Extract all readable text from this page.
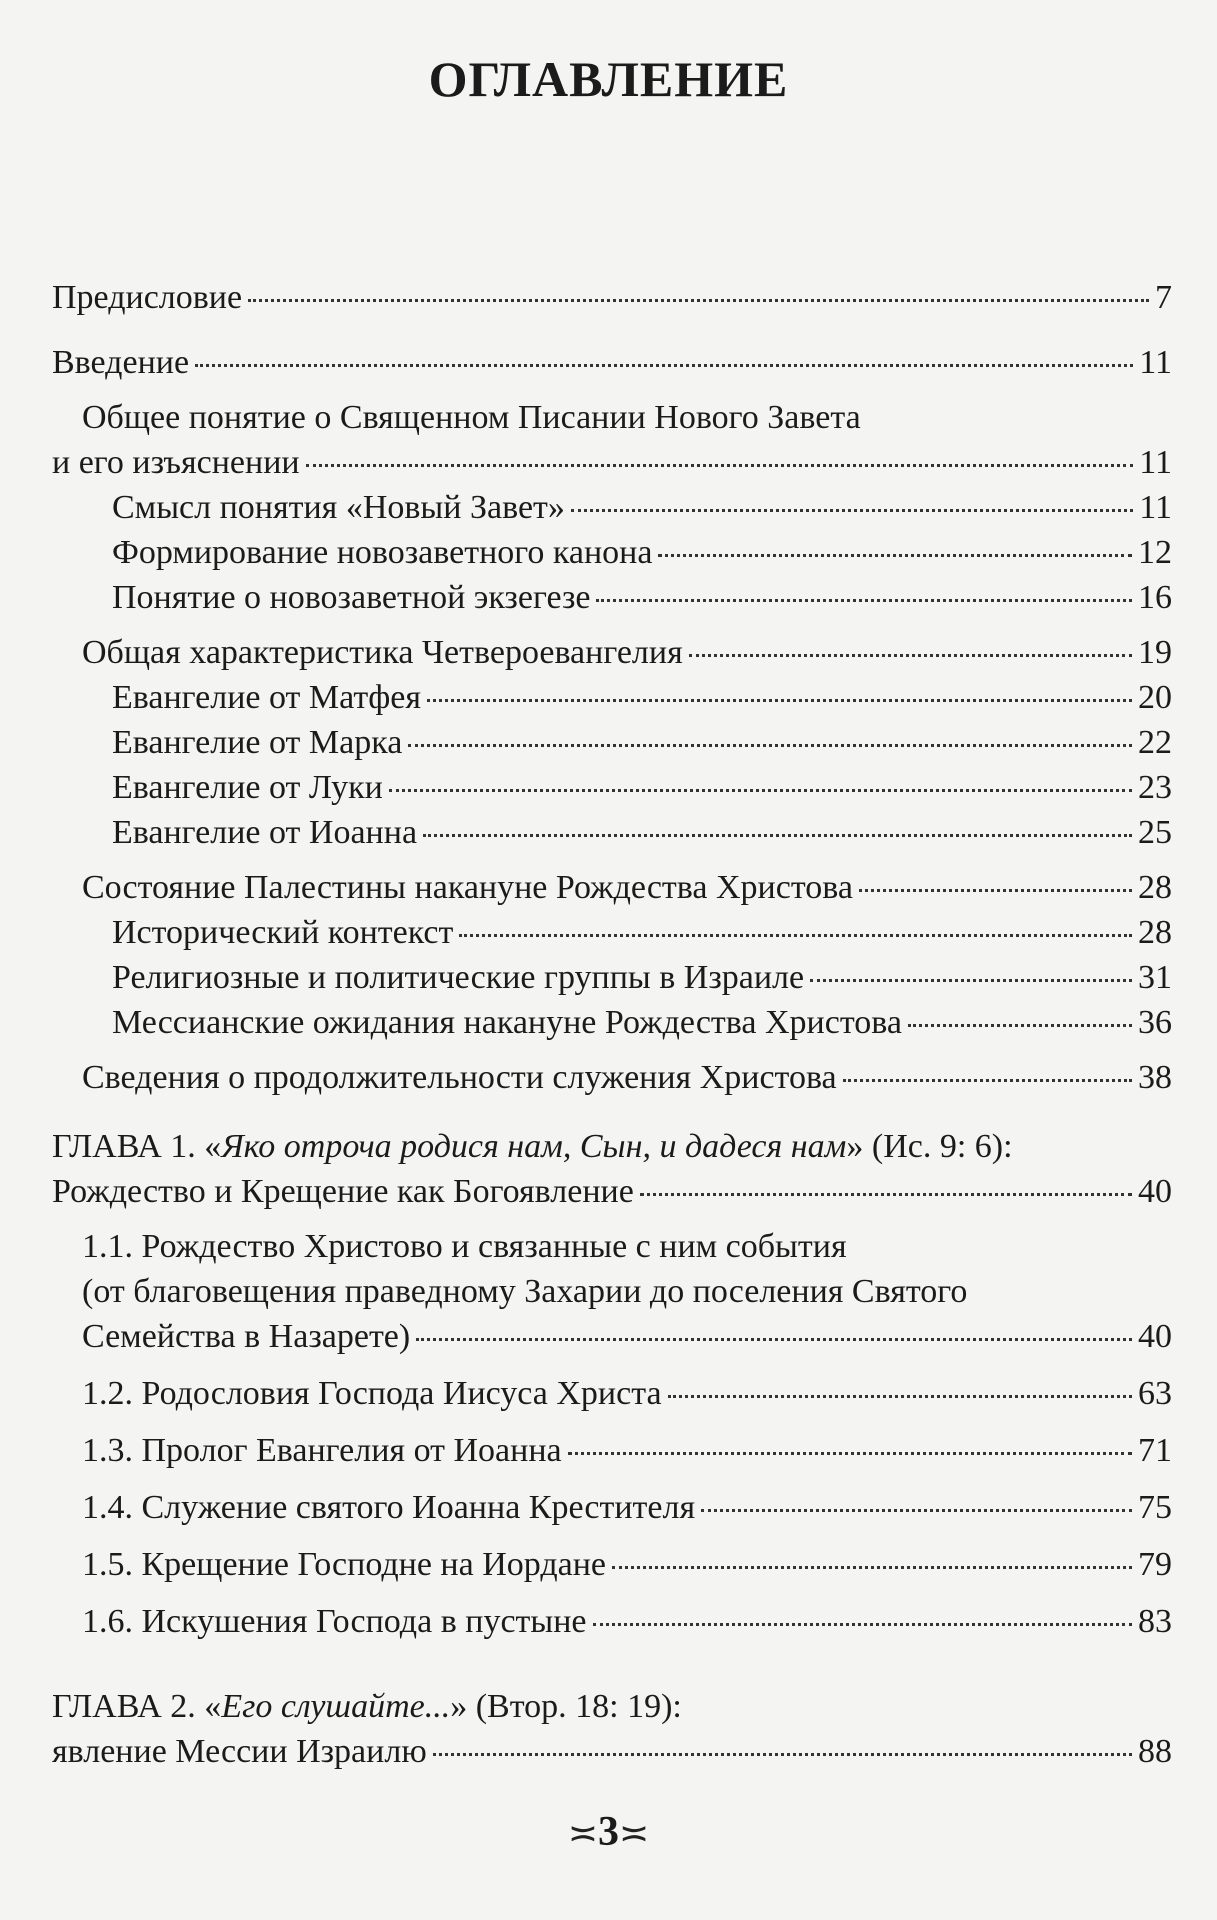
ОГЛАВЛЕНИЕ
Предисловие	7
Введение	11
Общее понятие о Священном Писании Нового Завета
и его изъяснении	11
Смысл понятия «Новый Завет»	11
Формирование новозаветного канона	12
Понятие о новозаветной экзегезе	16
Общая характеристика Четвероевангелия	19
Евангелие от Матфея	20
Евангелие от Марка	22
Евангелие от Луки	23
Евангелие от Иоанна	25
Состояние Палестины накануне Рождества Христова	28
Исторический контекст	28
Религиозные и политические группы в Израиле	31
Мессианские ожидания накануне Рождества Христова	36
Сведения о продолжительности служения Христова	38
ГЛАВА 1. «Яко отроча родися нам, Сын, и дадеся нам» (Ис. 9: 6):
Рождество и Крещение как Богоявление	40
1.1. Рождество Христово и связанные с ним события
(от благовещения праведному Захарии до поселения Святого
Семейства в Назарете)	40
1.2. Родословия Господа Иисуса Христа	63
1.3. Пролог Евангелия от Иоанна	71
1.4. Служение святого Иоанна Крестителя	75
1.5. Крещение Господне на Иордане	79
1.6. Искушения Господа в пустыне	83
ГЛАВА 2. «Его слушайте...» (Втор. 18: 19):
явление Мессии Израилю	88
≍3≍
